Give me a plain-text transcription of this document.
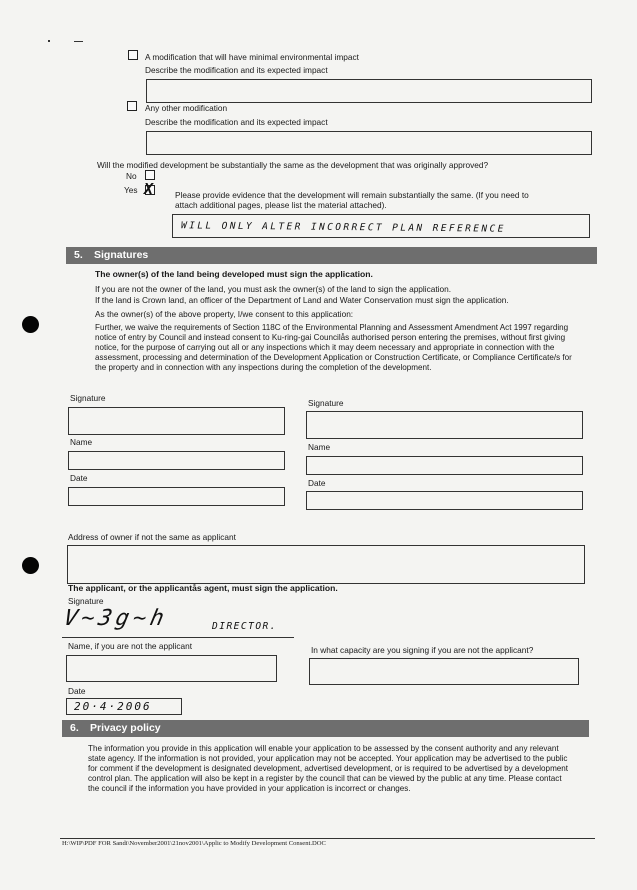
A modification that will have minimal environmental impact
Describe the modification and its expected impact
Any other modification
Describe the modification and its expected impact
Will the modified development be substantially the same as the development that was originally approved?
No
Yes X	Please provide evidence that the development will remain substantially the same. (If you need to
attach additional pages, please list the material attached).
WILL ONLY ALTER INCORRECT PLAN REFERENCE
5. Signatures
The owner(s) of the land being developed must sign the application.
If you are not the owner of the land, you must ask the owner(s) of the land to sign the application.
If the land is Crown land, an officer of the Department of Land and Water Conservation must sign the application.
As the owner(s) of the above property, I/we consent to this application:
Further, we waive the requirements of Section 118C of the Environmental Planning and Assessment Amendment Act 1997 regarding notice of entry by Council and instead consent to Ku-ring-gai Councilås authorised person entering the premises, without first giving notice, for the purpose of carrying out all or any inspections which it may deem necessary and appropriate in connection with the assessment, processing and determination of the Development Application or Construction Certificate, or Compliance Certificate/s for the property and in connection with any inspections during the completion of the development.
Signature
Name
Date
Signature
Name
Date
Address of owner if not the same as applicant
The applicant, or the applicantås agent, must sign the application.
Signature
V~3g~h	DIRECTOR.
Name, if you are not the applicant	In what capacity are you signing if you are not the applicant?
Date
20·4·2006
6. Privacy policy
The information you provide in this application will enable your application to be assessed by the consent authority and any relevant state agency. If the information is not provided, your application may not be accepted. Your application may be advertised to the public for comment if the development is designated development, advertised development, or is required to be advertised by a development control plan. The application will also be kept in a register by the council that can be viewed by the public at any time. Please contact the council if the information you have provided in your application is incorrect or changes.
H:\WIP\PDF FOR Sandi\November2001\21nov2001\Applic to Modify Development Consent.DOC
